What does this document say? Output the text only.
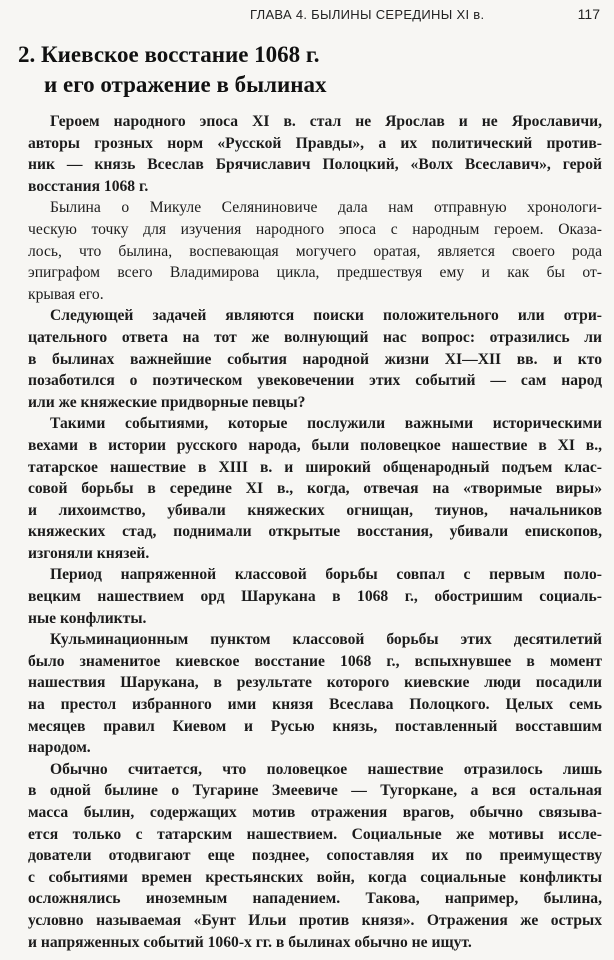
ГЛАВА 4. БЫЛИНЫ СЕРЕДИНЫ XI в.	117
2. Киевское восстание 1068 г.
и его отражение в былинах
Героем народного эпоса XI в. стал не Ярослав и не Ярославичи,
авторы грозных норм «Русской Правды», а их политический против-
ник — князь Всеслав Брячиславич Полоцкий, «Волх Всеславич», герой
восстания 1068 г.
Былина о Микуле Селяниновиче дала нам отправную хронологи-
ческую точку для изучения народного эпоса с народным героем. Оказа-
лось, что былина, воспевающая могучего оратая, является своего рода
эпиграфом всего Владимирова цикла, предшествуя ему и как бы от-
крывая его.
Следующей задачей являются поиски положительного или отри-
цательного ответа на тот же волнующий нас вопрос: отразились ли
в былинах важнейшие события народной жизни XI—XII вв. и кто
позаботился о поэтическом увековечении этих событий — сам народ
или же княжеские придворные певцы?
Такими событиями, которые послужили важными историческими
вехами в истории русского народа, были половецкое нашествие в XI в.,
татарское нашествие в XIII в. и широкий общенародный подъем клас-
совой борьбы в середине XI в., когда, отвечая на «творимые виры»
и лихоимство, убивали княжеских огнищан, тиунов, начальников
княжеских стад, поднимали открытые восстания, убивали епископов,
изгоняли князей.
Период напряженной классовой борьбы совпал с первым поло-
вецким нашествием орд Шарукана в 1068 г., обостришим социаль-
ные конфликты.
Кульминационным пунктом классовой борьбы этих десятилетий
было знаменитое киевское восстание 1068 г., вспыхнувшее в момент
нашествия Шарукана, в результате которого киевские люди посадили
на престол избранного ими князя Всеслава Полоцкого. Целых семь
месяцев правил Киевом и Русью князь, поставленный восставшим
народом.
Обычно считается, что половецкое нашествие отразилось лишь
в одной былине о Тугарине Змеевиче — Тугоркане, а вся остальная
масса былин, содержащих мотив отражения врагов, обычно связыва-
ется только с татарским нашествием. Социальные же мотивы исслe-
дователи отодвигают еще позднее, сопоставляя их по преимуществу
с событиями времен крестьянских войн, когда социальные конфликты
осложнялись иноземным нападением. Такова, например, былина,
условно называемая «Бунт Ильи против князя». Отражения же острых
и напряженных событий 1060-х гг. в былинах обычно не ищут.
